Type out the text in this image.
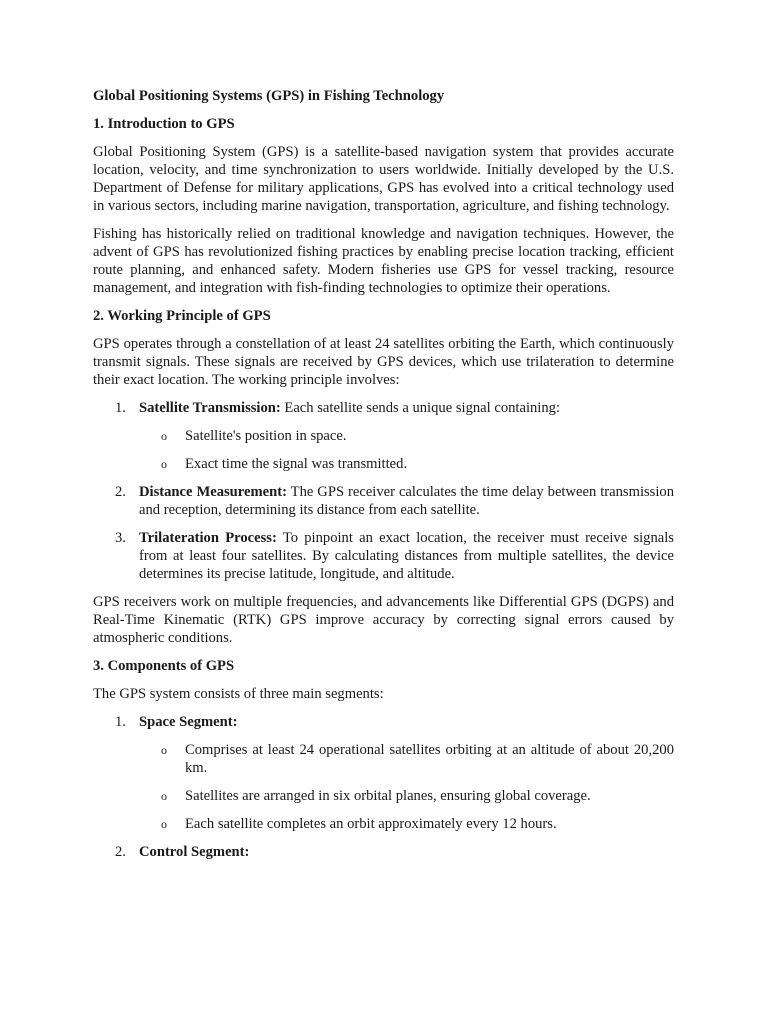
Global Positioning Systems (GPS) in Fishing Technology
1. Introduction to GPS
Global Positioning System (GPS) is a satellite-based navigation system that provides accurate location, velocity, and time synchronization to users worldwide. Initially developed by the U.S. Department of Defense for military applications, GPS has evolved into a critical technology used in various sectors, including marine navigation, transportation, agriculture, and fishing technology.
Fishing has historically relied on traditional knowledge and navigation techniques. However, the advent of GPS has revolutionized fishing practices by enabling precise location tracking, efficient route planning, and enhanced safety. Modern fisheries use GPS for vessel tracking, resource management, and integration with fish-finding technologies to optimize their operations.
2. Working Principle of GPS
GPS operates through a constellation of at least 24 satellites orbiting the Earth, which continuously transmit signals. These signals are received by GPS devices, which use trilateration to determine their exact location. The working principle involves:
1. Satellite Transmission: Each satellite sends a unique signal containing:
o Satellite's position in space.
o Exact time the signal was transmitted.
2. Distance Measurement: The GPS receiver calculates the time delay between transmission and reception, determining its distance from each satellite.
3. Trilateration Process: To pinpoint an exact location, the receiver must receive signals from at least four satellites. By calculating distances from multiple satellites, the device determines its precise latitude, longitude, and altitude.
GPS receivers work on multiple frequencies, and advancements like Differential GPS (DGPS) and Real-Time Kinematic (RTK) GPS improve accuracy by correcting signal errors caused by atmospheric conditions.
3. Components of GPS
The GPS system consists of three main segments:
1. Space Segment:
o Comprises at least 24 operational satellites orbiting at an altitude of about 20,200 km.
o Satellites are arranged in six orbital planes, ensuring global coverage.
o Each satellite completes an orbit approximately every 12 hours.
2. Control Segment:
